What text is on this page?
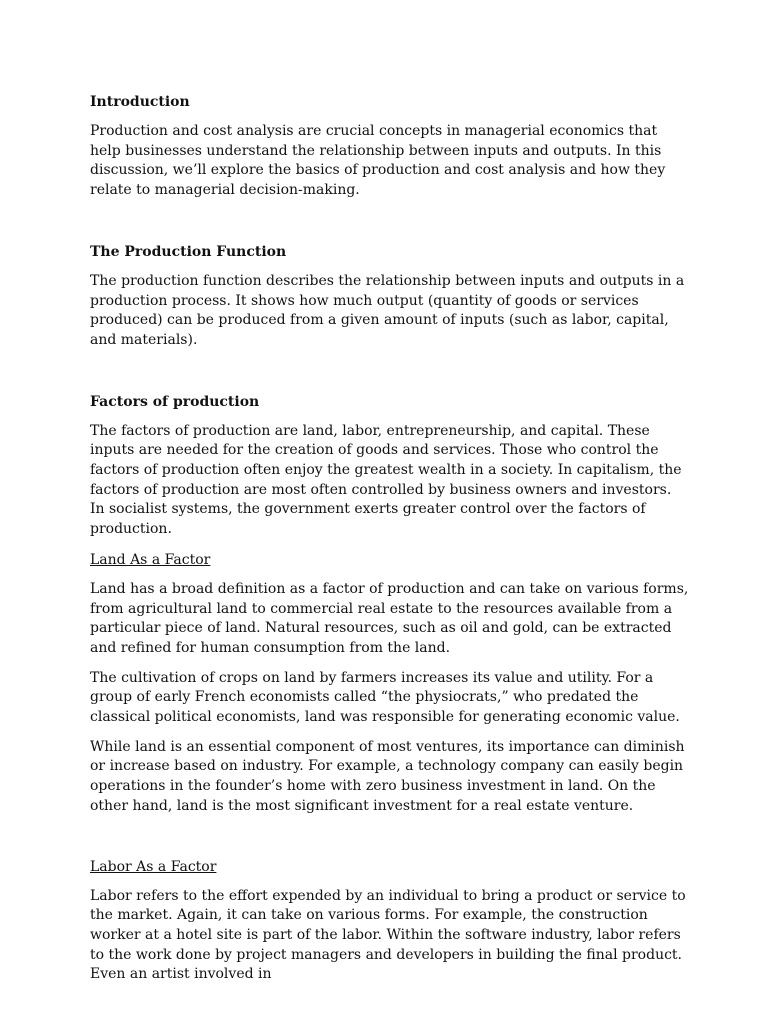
Introduction
Production and cost analysis are crucial concepts in managerial economics that help businesses understand the relationship between inputs and outputs. In this discussion, we’ll explore the basics of production and cost analysis and how they relate to managerial decision-making.
The Production Function
The production function describes the relationship between inputs and outputs in a production process. It shows how much output (quantity of goods or services produced) can be produced from a given amount of inputs (such as labor, capital, and materials).
Factors of production
The factors of production are land, labor, entrepreneurship, and capital. These inputs are needed for the creation of goods and services. Those who control the factors of production often enjoy the greatest wealth in a society. In capitalism, the factors of production are most often controlled by business owners and investors. In socialist systems, the government exerts greater control over the factors of production.
Land As a Factor
Land has a broad definition as a factor of production and can take on various forms, from agricultural land to commercial real estate to the resources available from a particular piece of land. Natural resources, such as oil and gold, can be extracted and refined for human consumption from the land.
The cultivation of crops on land by farmers increases its value and utility. For a group of early French economists called “the physiocrats,” who predated the classical political economists, land was responsible for generating economic value.
While land is an essential component of most ventures, its importance can diminish or increase based on industry. For example, a technology company can easily begin operations in the founder’s home with zero business investment in land. On the other hand, land is the most significant investment for a real estate venture.
Labor As a Factor
Labor refers to the effort expended by an individual to bring a product or service to the market. Again, it can take on various forms. For example, the construction worker at a hotel site is part of the labor. Within the software industry, labor refers to the work done by project managers and developers in building the final product. Even an artist involved in
